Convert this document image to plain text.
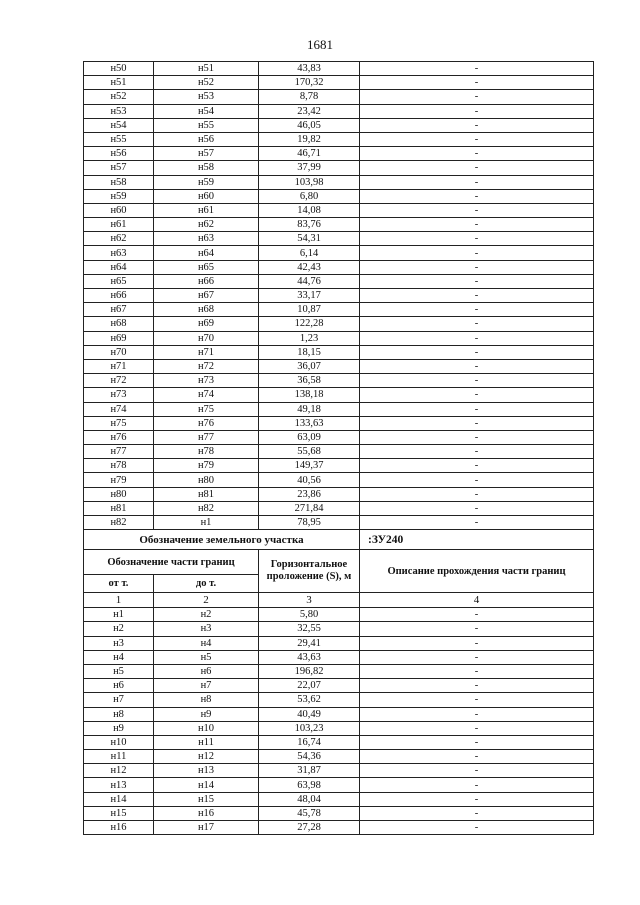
1681
н50	н51	43,83	-
н51	н52	170,32	-
н52	н53	8,78	-
н53	н54	23,42	-
н54	н55	46,05	-
н55	н56	19,82	-
н56	н57	46,71	-
н57	н58	37,99	-
н58	н59	103,98	-
н59	н60	6,80	-
н60	н61	14,08	-
н61	н62	83,76	-
н62	н63	54,31	-
н63	н64	6,14	-
н64	н65	42,43	-
н65	н66	44,76	-
н66	н67	33,17	-
н67	н68	10,87	-
н68	н69	122,28	-
н69	н70	1,23	-
н70	н71	18,15	-
н71	н72	36,07	-
н72	н73	36,58	-
н73	н74	138,18	-
н74	н75	49,18	-
н75	н76	133,63	-
н76	н77	63,09	-
н77	н78	55,68	-
н78	н79	149,37	-
н79	н80	40,56	-
н80	н81	23,86	-
н81	н82	271,84	-
н82	н1	78,95	-
Обозначение земельного участка			:ЗУ240
Обозначение части границ		Горизонтальное проложение (S), м	Описание прохождения части границ
от т.	до т.		
1	2	3	4
н1	н2	5,80	-
н2	н3	32,55	-
н3	н4	29,41	-
н4	н5	43,63	-
н5	н6	196,82	-
н6	н7	22,07	-
н7	н8	53,62	-
н8	н9	40,49	-
н9	н10	103,23	-
н10	н11	16,74	-
н11	н12	54,36	-
н12	н13	31,87	-
н13	н14	63,98	-
н14	н15	48,04	-
н15	н16	45,78	-
н16	н17	27,28	-
